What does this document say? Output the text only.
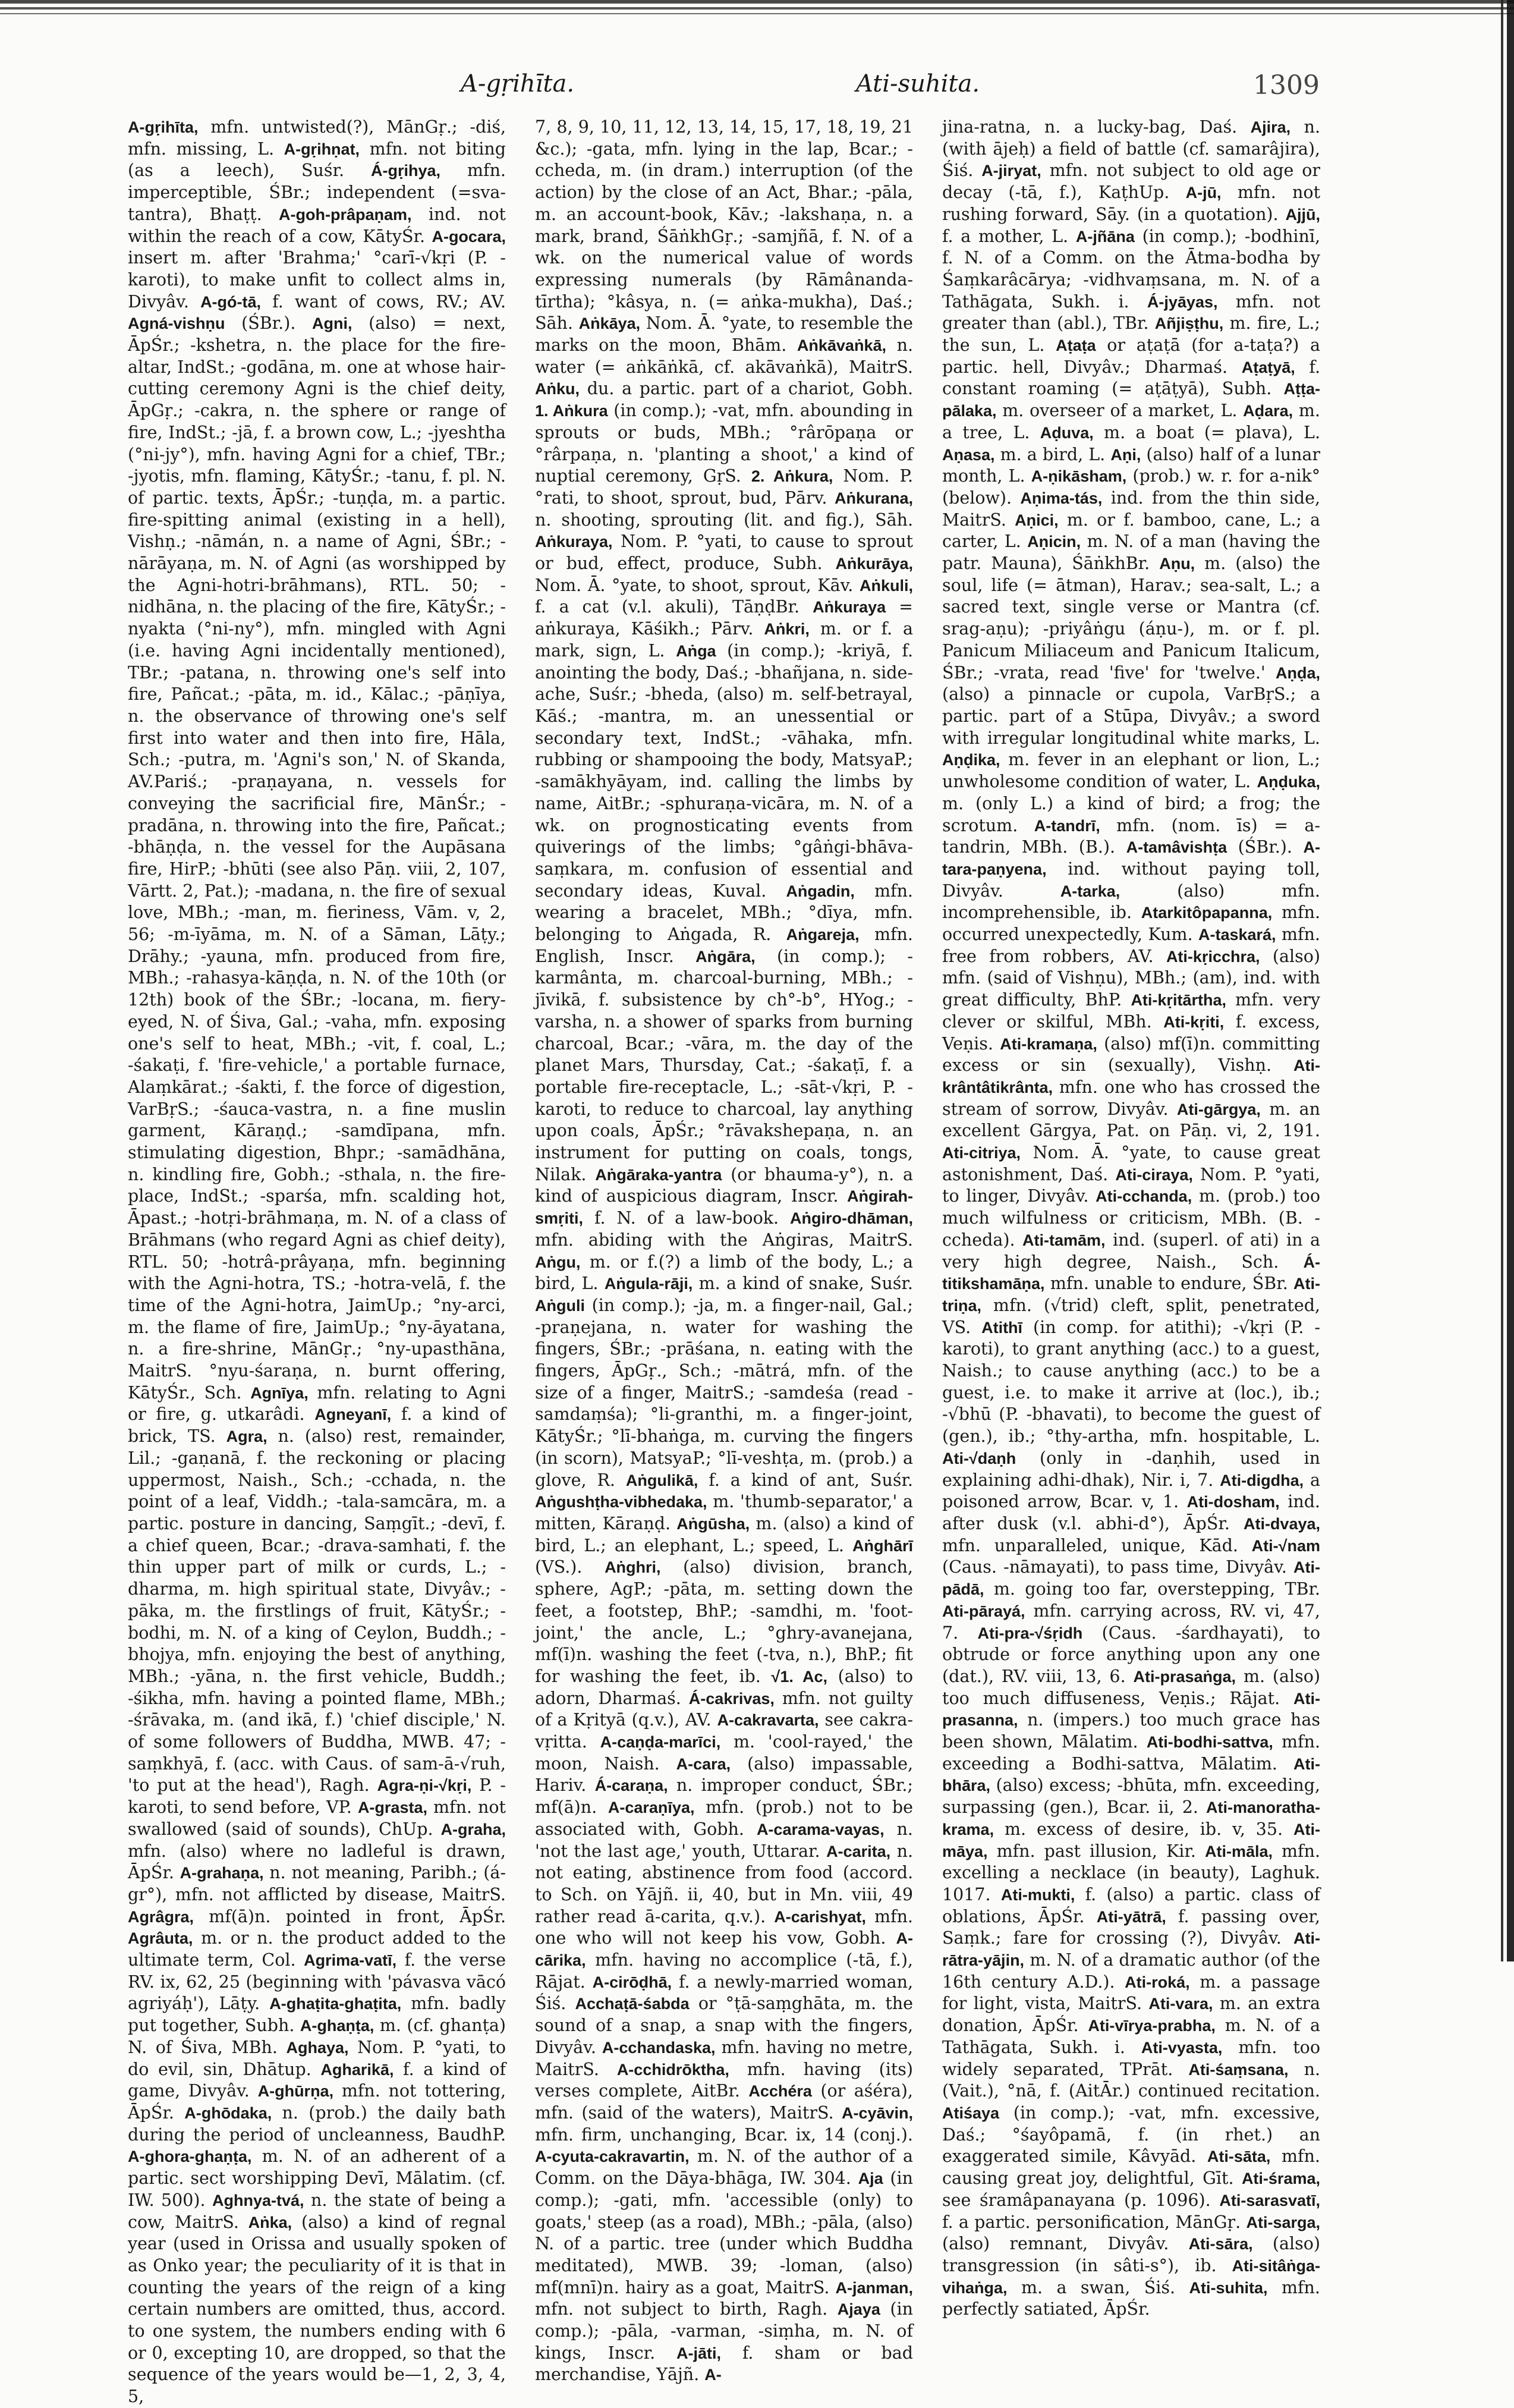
A-gṛihīta.	Ati-suhita.	1309

A-gṛihīta, mfn. untwisted(?), MānGṛ.; -diś, mfn. missing, L. A-gṛihṇat, mfn. not biting (as a leech), Suśr. Á-gṛihya, mfn. imperceptible, ŚBr.; independent (=sva-tantra), Bhaṭṭ. A-goh-prâpaṇam, ind. not within the reach of a cow, KātyŚr. A-gocara, insert m. after 'Brahma;' °carī-√kṛi (P. -karoti), to make unfit to collect alms in, Divyâv. A-gó-tā, f. want of cows, RV.; AV. Agná-vishṇu (ŚBr.). Agni, (also) = next, ĀpŚr.; -kshetra, n. the place for the fire-altar, IndSt.; -godāna, m. one at whose hair-cutting ceremony Agni is the chief deity, ĀpGṛ.; -cakra, n. the sphere or range of fire, IndSt.; -jā, f. a brown cow, L.; -jyeshtha (°ni-jy°), mfn. having Agni for a chief, TBr.; -jyotis, mfn. flaming, KātyŚr.; -tanu, f. pl. N. of partic. texts, ĀpŚr.; -tuṇḍa, m. a partic. fire-spitting animal (existing in a hell), Vishṇ.; -nāmán, n. a name of Agni, ŚBr.; -nārāyaṇa, m. N. of Agni (as worshipped by the Agni-hotri-brāhmans), RTL. 50; -nidhāna, n. the placing of the fire, KātyŚr.; -nyakta (°ni-ny°), mfn. mingled with Agni (i.e. having Agni incidentally mentioned), TBr.; -patana, n. throwing one's self into fire, Pañcat.; -pāta, m. id., Kālac.; -pāṇīya, n. the observance of throwing one's self first into water and then into fire, Hāla, Sch.; -putra, m. 'Agni's son,' N. of Skanda, AV.Pariś.; -praṇayana, n. vessels for conveying the sacrificial fire, MānŚr.; -pradāna, n. throwing into the fire, Pañcat.; -bhāṇḍa, n. the vessel for the Aupāsana fire, HirP.; -bhūti (see also Pāṇ. viii, 2, 107, Vārtt. 2, Pat.); -madana, n. the fire of sexual love, MBh.; -man, m. fieriness, Vām. v, 2, 56; -m-īyāma, m. N. of a Sāman, Lāṭy.; Drāhy.; -yauna, mfn. produced from fire, MBh.; -rahasya-kāṇḍa, n. N. of the 10th (or 12th) book of the ŚBr.; -locana, m. fiery-eyed, N. of Śiva, Gal.; -vaha, mfn. exposing one's self to heat, MBh.; -vit, f. coal, L.; -śakaṭi, f. 'fire-vehicle,' a portable furnace, Alaṃkārat.; -śakti, f. the force of digestion, VarBṛS.; -śauca-vastra, n. a fine muslin garment, Kāraṇḍ.; -samdīpana, mfn. stimulating digestion, Bhpr.; -samādhāna, n. kindling fire, Gobh.; -sthala, n. the fire-place, IndSt.; -sparśa, mfn. scalding hot, Āpast.; -hotṛi-brāhmaṇa, m. N. of a class of Brāhmans (who regard Agni as chief deity), RTL. 50; -hotrâ-prâyaṇa, mfn. beginning with the Agni-hotra, TS.; -hotra-velā, f. the time of the Agni-hotra, JaimUp.; °ny-arci, m. the flame of fire, JaimUp.; °ny-āyatana, n. a fire-shrine, MānGṛ.; °ny-upasthāna, MaitrS. °nyu-śaraṇa, n. burnt offering, KātyŚr., Sch. Agnīya, mfn. relating to Agni or fire, g. utkarâdi. Agneyanī, f. a kind of brick, TS. Agra, n. (also) rest, remainder, Lil.; -gaṇanā, f. the reckoning or placing uppermost, Naish., Sch.; -cchada, n. the point of a leaf, Viddh.; -tala-samcāra, m. a partic. posture in dancing, Saṃgīt.; -devī, f. a chief queen, Bcar.; -drava-samhati, f. the thin upper part of milk or curds, L.; -dharma, m. high spiritual state, Divyâv.; -pāka, m. the firstlings of fruit, KātyŚr.; -bodhi, m. N. of a king of Ceylon, Buddh.; -bhojya, mfn. enjoying the best of anything, MBh.; -yāna, n. the first vehicle, Buddh.; -śikha, mfn. having a pointed flame, MBh.; -śrāvaka, m. (and ikā, f.) 'chief disciple,' N. of some followers of Buddha, MWB. 47; -saṃkhyā, f. (acc. with Caus. of sam-ā-√ruh, 'to put at the head'), Ragh. Agra-ṇi-√kṛi, P. -karoti, to send before, VP. A-grasta, mfn. not swallowed (said of sounds), ChUp. A-graha, mfn. (also) where no ladleful is drawn, ĀpŚr. A-grahaṇa, n. not meaning, Paribh.; (á-gr°), mfn. not afflicted by disease, MaitrS. Agrâgra, mf(ā)n. pointed in front, ĀpŚr. Agrâuta, m. or n. the product added to the ultimate term, Col. Agrima-vatī, f. the verse RV. ix, 62, 25 (beginning with 'pávasva vācó agriyáḥ'), Lāṭy. A-ghaṭita-ghaṭita, mfn. badly put together, Subh. A-ghaṇṭa, m. (cf. ghanṭa) N. of Śiva, MBh. Aghaya, Nom. P. °yati, to do evil, sin, Dhātup. Agharikā, f. a kind of game, Divyâv. A-ghūrṇa, mfn. not tottering, ĀpŚr. A-ghōdaka, n. (prob.) the daily bath during the period of uncleanness, BaudhP. A-ghora-ghaṇṭa, m. N. of an adherent of a partic. sect worshipping Devī, Mālatim. (cf. IW. 500). Aghnya-tvá, n. the state of being a cow, MaitrS. Aṅka, (also) a kind of regnal year (used in Orissa and usually spoken of as Onko year; the peculiarity of it is that in counting the years of the reign of a king certain numbers are omitted, thus, accord. to one system, the numbers ending with 6 or 0, excepting 10, are dropped, so that the sequence of the years would be—1, 2, 3, 4, 5,

7, 8, 9, 10, 11, 12, 13, 14, 15, 17, 18, 19, 21 &c.); -gata, mfn. lying in the lap, Bcar.; -ccheda, m. (in dram.) interruption (of the action) by the close of an Act, Bhar.; -pāla, m. an account-book, Kāv.; -lakshaṇa, n. a mark, brand, ŚāṅkhGṛ.; -samjñā, f. N. of a wk. on the numerical value of words expressing numerals (by Rāmânanda-tīrtha); °kâsya, n. (= aṅka-mukha), Daś.; Sāh. Aṅkāya, Nom. Ā. °yate, to resemble the marks on the moon, Bhām. Aṅkāvaṅkā, n. water (= aṅkāṅkā, cf. akāvaṅkā), MaitrS. Aṅku, du. a partic. part of a chariot, Gobh. 1. Aṅkura (in comp.); -vat, mfn. abounding in sprouts or buds, MBh.; °rârōpaṇa or °rârpaṇa, n. 'planting a shoot,' a kind of nuptial ceremony, GṛS. 2. Aṅkura, Nom. P. °rati, to shoot, sprout, bud, Pārv. Aṅkurana, n. shooting, sprouting (lit. and fig.), Sāh. Aṅkuraya, Nom. P. °yati, to cause to sprout or bud, effect, produce, Subh. Aṅkurāya, Nom. Ā. °yate, to shoot, sprout, Kāv. Aṅkuli, f. a cat (v.l. akuli), TāṇḍBr. Aṅkuraya = aṅkuraya, Kāśikh.; Pārv. Aṅkri, m. or f. a mark, sign, L. Aṅga (in comp.); -kriyā, f. anointing the body, Daś.; -bhañjana, n. side-ache, Suśr.; -bheda, (also) m. self-betrayal, Kāś.; -mantra, m. an unessential or secondary text, IndSt.; -vāhaka, mfn. rubbing or shampooing the body, MatsyaP.; -samākhyāyam, ind. calling the limbs by name, AitBr.; -sphuraṇa-vicāra, m. N. of a wk. on prognosticating events from quiverings of the limbs; °gâṅgi-bhāva-saṃkara, m. confusion of essential and secondary ideas, Kuval. Aṅgadin, mfn. wearing a bracelet, MBh.; °dīya, mfn. belonging to Aṅgada, R. Aṅgareja, mfn. English, Inscr. Aṅgāra, (in comp.); -karmânta, m. charcoal-burning, MBh.; -jīvikā, f. subsistence by ch°-b°, HYog.; -varsha, n. a shower of sparks from burning charcoal, Bcar.; -vāra, m. the day of the planet Mars, Thursday, Cat.; -śakaṭī, f. a portable fire-receptacle, L.; -sāt-√kṛi, P. -karoti, to reduce to charcoal, lay anything upon coals, ĀpŚr.; °rāvakshepaṇa, n. an instrument for putting on coals, tongs, Nilak. Aṅgāraka-yantra (or bhauma-y°), n. a kind of auspicious diagram, Inscr. Aṅgirah-smṛiti, f. N. of a law-book. Aṅgiro-dhāman, mfn. abiding with the Aṅgiras, MaitrS. Aṅgu, m. or f.(?) a limb of the body, L.; a bird, L. Aṅgula-rāji, m. a kind of snake, Suśr. Aṅguli (in comp.); -ja, m. a finger-nail, Gal.; -praṇejana, n. water for washing the fingers, ŚBr.; -prāśana, n. eating with the fingers, ĀpGṛ., Sch.; -mātrá, mfn. of the size of a finger, MaitrS.; -samdeśa (read -samdaṃśa); °li-granthi, m. a finger-joint, KātyŚr.; °lī-bhaṅga, m. curving the fingers (in scorn), MatsyaP.; °lī-veshṭa, m. (prob.) a glove, R. Aṅgulikā, f. a kind of ant, Suśr. Aṅgushṭha-vibhedaka, m. 'thumb-separator,' a mitten, Kāraṇḍ. Aṅgūsha, m. (also) a kind of bird, L.; an elephant, L.; speed, L. Aṅghārī (VS.). Aṅghri, (also) division, branch, sphere, AgP.; -pāta, m. setting down the feet, a footstep, BhP.; -samdhi, m. 'foot-joint,' the ancle, L.; °ghry-avanejana, mf(ī)n. washing the feet (-tva, n.), BhP.; fit for washing the feet, ib. √1. Ac, (also) to adorn, Dharmaś. Á-cakrivas, mfn. not guilty of a Kṛityā (q.v.), AV. A-cakravarta, see cakra-vṛitta. A-caṇḍa-marīci, m. 'cool-rayed,' the moon, Naish. A-cara, (also) impassable, Hariv. Á-caraṇa, n. improper conduct, ŚBr.; mf(ā)n. A-caraṇīya, mfn. (prob.) not to be associated with, Gobh. A-carama-vayas, n. 'not the last age,' youth, Uttarar. A-carita, n. not eating, abstinence from food (accord. to Sch. on Yājñ. ii, 40, but in Mn. viii, 49 rather read ā-carita, q.v.). A-carishyat, mfn. one who will not keep his vow, Gobh. A-cārika, mfn. having no accomplice (-tā, f.), Rājat. A-cirōḍhā, f. a newly-married woman, Śiś. Acchaṭā-śabda or °ṭā-saṃghāta, m. the sound of a snap, a snap with the fingers, Divyâv. A-cchandaska, mfn. having no metre, MaitrS. A-cchidrōktha, mfn. having (its) verses complete, AitBr. Acchéra (or aśéra), mfn. (said of the waters), MaitrS. A-cyāvin, mfn. firm, unchanging, Bcar. ix, 14 (conj.). A-cyuta-cakravartin, m. N. of the author of a Comm. on the Dāya-bhāga, IW. 304. Aja (in comp.); -gati, mfn. 'accessible (only) to goats,' steep (as a road), MBh.; -pāla, (also) N. of a partic. tree (under which Buddha meditated), MWB. 39; -loman, (also) mf(mnī)n. hairy as a goat, MaitrS. A-janman, mfn. not subject to birth, Ragh. Ajaya (in comp.); -pāla, -varman, -siṃha, m. N. of kings, Inscr. A-jāti, f. sham or bad merchandise, Yājñ. A-

jina-ratna, n. a lucky-bag, Daś. Ajira, n. (with ājeḥ) a field of battle (cf. samarâjira), Śiś. A-jiryat, mfn. not subject to old age or decay (-tā, f.), KaṭhUp. A-jū, mfn. not rushing forward, Sāy. (in a quotation). Ajjū, f. a mother, L. A-jñāna (in comp.); -bodhinī, f. N. of a Comm. on the Ātma-bodha by Śaṃkarâcārya; -vidhvaṃsana, m. N. of a Tathāgata, Sukh. i. Á-jyāyas, mfn. not greater than (abl.), TBr. Añjiṣṭhu, m. fire, L.; the sun, L. Aṭaṭa or aṭaṭā (for a-taṭa?) a partic. hell, Divyâv.; Dharmaś. Aṭaṭyā, f. constant roaming (= aṭāṭyā), Subh. Aṭṭa-pālaka, m. overseer of a market, L. Aḍara, m. a tree, L. Aḍuva, m. a boat (= plava), L. Aṇasa, m. a bird, L. Aṇi, (also) half of a lunar month, L. A-ṇikāsham, (prob.) w. r. for a-nik° (below). Aṇima-tás, ind. from the thin side, MaitrS. Aṇici, m. or f. bamboo, cane, L.; a carter, L. Aṇicin, m. N. of a man (having the patr. Mauna), ŚāṅkhBr. Aṇu, m. (also) the soul, life (= ātman), Harav.; sea-salt, L.; a sacred text, single verse or Mantra (cf. srag-aṇu); -priyâṅgu (áṇu-), m. or f. pl. Panicum Miliaceum and Panicum Italicum, ŚBr.; -vrata, read 'five' for 'twelve.' Aṇḍa, (also) a pinnacle or cupola, VarBṛS.; a partic. part of a Stūpa, Divyâv.; a sword with irregular longitudinal white marks, L. Aṇḍika, m. fever in an elephant or lion, L.; unwholesome condition of water, L. Aṇḍuka, m. (only L.) a kind of bird; a frog; the scrotum. A-tandrī, mfn. (nom. īs) = a-tandrin, MBh. (B.). A-tamâvishṭa (ŚBr.). A-tara-paṇyena, ind. without paying toll, Divyâv.	A-tarka,	(also) mfn. incomprehensible, ib. Atarkitôpapanna, mfn. occurred unexpectedly, Kum. A-taskará, mfn. free from robbers, AV. Ati-kṛicchra, (also) mfn. (said of Vishṇu), MBh.; (am), ind. with great difficulty, BhP. Ati-kṛitārtha, mfn. very clever or skilful, MBh. Ati-kṛiti, f. excess, Veṇis. Ati-kramaṇa, (also) mf(ī)n. committing excess or sin (sexually), Vishṇ. Ati-krântâtikrânta, mfn. one who has crossed the stream of sorrow, Divyâv. Ati-gārgya, m. an excellent Gārgya, Pat. on Pāṇ. vi, 2, 191. Ati-citriya, Nom. Ā. °yate, to cause great astonishment, Daś. Ati-ciraya, Nom. P. °yati, to linger, Divyâv. Ati-cchanda, m. (prob.) too much wilfulness or criticism, MBh. (B. -ccheda). Ati-tamām, ind. (superl. of ati) in a very high degree, Naish., Sch. Á-titikshamāṇa, mfn. unable to endure, ŚBr. Ati-triṇa, mfn. (√trid) cleft, split, penetrated, VS. Atithī (in comp. for atithi); -√kṛi (P. -karoti), to grant anything (acc.) to a guest, Naish.; to cause anything (acc.) to be a guest, i.e. to make it arrive at (loc.), ib.; -√bhū (P. -bhavati), to become the guest of (gen.), ib.; °thy-artha, mfn. hospitable, L. Ati-√daṇh (only in -daṇhih, used in explaining adhi-dhak), Nir. i, 7. Ati-digdha, a poisoned arrow, Bcar. v, 1. Ati-dosham, ind. after dusk (v.l. abhi-d°), ĀpŚr. Ati-dvaya, mfn. unparalleled, unique, Kād. Ati-√nam (Caus. -nāmayati), to pass time, Divyâv. Ati-pādā, m. going too far, overstepping, TBr. Ati-pārayá, mfn. carrying across, RV. vi, 47, 7. Ati-pra-√śṛidh (Caus. -śardhayati), to obtrude or force anything upon any one (dat.), RV. viii, 13, 6. Ati-prasaṅga, m. (also) too much diffuseness, Veṇis.; Rājat. Ati-prasanna, n. (impers.) too much grace has been shown, Mālatim. Ati-bodhi-sattva, mfn. exceeding a Bodhi-sattva, Mālatim. Ati-bhāra, (also) excess; -bhūta, mfn. exceeding, surpassing (gen.), Bcar. ii, 2. Ati-manoratha-krama, m. excess of desire, ib. v, 35. Ati-māya, mfn. past illusion, Kir. Ati-māla, mfn. excelling a necklace (in beauty), Laghuk. 1017. Ati-mukti, f. (also) a partic. class of oblations, ĀpŚr. Ati-yātrā, f. passing over, Saṃk.; fare for crossing (?), Divyâv. Ati-rātra-yājin, m. N. of a dramatic author (of the 16th century A.D.). Ati-roká, m. a passage for light, vista, MaitrS. Ati-vara, m. an extra donation, ĀpŚr. Ati-vīrya-prabha, m. N. of a Tathāgata, Sukh. i. Ati-vyasta, mfn. too widely separated, TPrāt. Ati-śaṃsana, n. (Vait.), °nā, f. (AitĀr.) continued recitation. Atiśaya (in comp.); -vat, mfn. excessive, Daś.; °śayôpamā, f. (in rhet.) an exaggerated simile, Kâvyād. Ati-sāta, mfn. causing great joy, delightful, Gīt. Ati-śrama, see śramâpanayana (p. 1096). Ati-sarasvatī, f. a partic. personification, MānGṛ. Ati-sarga, (also) remnant, Divyâv. Ati-sāra, (also) transgression (in sâti-s°), ib. Ati-sitâṅga-vihaṅga, m. a swan, Śiś. Ati-suhita, mfn. perfectly satiated, ĀpŚr.
